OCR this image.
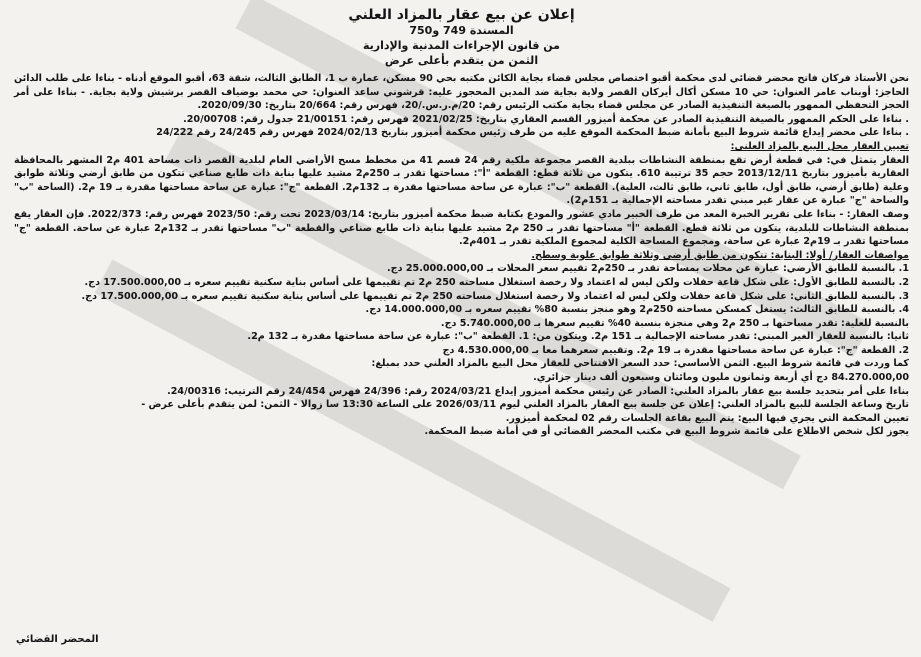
إعلان عن بيع عقار بالمزاد العلني
المسندة 749 و750
من قانون الإجراءات المدنية والإدارية
الثمن من يتقدم بأعلى عرض

نحن الأستاذ فركان فاتح محضر قضائي لدى محكمة أقبو اختصاص مجلس قضاء بجاية الكائن مكتبه بحي 90 مسكن، عمارة ب 1، الطابق الثالث، شقة 63، أقبو الموقع أدناه - بناءا على طلب الدائن الحاجز: أوبناب عامر العنوان: حي 10 مسكن أكال أيركان القصر ولاية بجاية ضد المدين المحجوز عليه: قرشوني ساعد العنوان: حي محمد بوضياف القصر برشيش ولاية بجاية. - بناءا على أمر الحجز التحفظي الممهور بالصيغة التنفيذية الصادر عن مجلس قضاء بجاية مكتب الرئيس رقم: 20/م.ر.س./20، فهرس رقم: 20/664 بتاريخ: 2020/09/30.

. بناءا على الحكم الممهور بالصيغة التنفيذية الصادر عن محكمة أميزور القسم العقاري بتاريخ: 2021/02/25 فهرس رقم: 21/00151 جدول رقم: 20/00708.

. بناءا على محضر إيداع قائمة شروط البيع بأمانة ضبط المحكمة الموقع عليه من طرف رئيس محكمة أميزور بتاريخ 2024/02/13 فهرس رقم 24/245 رقم 24/222

تعيين العقار محل البيع بالمزاد العلني:

العقار يتمثل في: في قطعة أرض تقع بمنطقة النشاطات ببلدية القصر مجموعة ملكية رقم 24 قسم 41 من مخطط مسح الأراضي العام لبلدية القصر ذات مساحة 401 م2 المشهر بالمحافظة العقارية بأميزور بتاريخ 2013/12/11 حجم 35 ترتيبة 610. يتكون من ثلاثة قطع: القطعة "أ": مساحتها تقدر بـ 250م2 مشيد عليها بناية ذات طابع صناعي تتكون من طابق أرضي وثلاثة طوابق وعلية (طابق أرضي، طابق أول، طابق ثاني، طابق ثالث، العلية). القطعة "ب": عبارة عن ساحة مساحتها مقدرة بـ 132م2. القطعة "ج": عبارة عن ساحة مساحتها مقدرة بـ 19 م2. (الساحة "ب" والساحة "ج" عبارة عن عقار غير مبني تقدر مساحته الإجمالية بـ 151م2).

وصف العقار: - بناءا على تقرير الخبرة المعد من طرف الخبير مادي عشور والمودع بكتابة ضبط محكمة أميزور بتاريخ: 2023/03/14 تحت رقم: 2023/50 فهرس رقم: 2022/373. فإن العقار يقع بمنطقة النشاطات للبلدية، يتكون من ثلاثة قطع. القطعة "أ" مساحتها تقدر بـ 250 م2 مشيد عليها بناية ذات طابع صناعي والقطعة "ب" مساحتها تقدر بـ 132م2 عبارة عن ساحة. القطعة "ج" مساحتها تقدر بـ 19م2 عبارة عن ساحة، ومجموع المساحة الكلية لمجموع الملكية تقدر بـ 401م2.

مواصفات العقار/ أولا: البناية: تتكون من طابق أرضي وثلاثة طوابق علوية وسطح.

1. بالنسبة للطابق الأرضي: عبارة عن محلات بمساحة تقدر بـ 250م2 تقييم سعر المحلات بـ 25.000.000,00 دج.

2. بالنسبة للطابق الأول: على شكل قاعة حفلات ولكن ليس له اعتماد ولا رخصة استغلال مساحته 250 م2 تم تقييمها على أساس بناية سكنية تقييم سعره بـ 17.500.000,00 دج.

3. بالنسبة للطابق الثاني: على شكل قاعة حفلات ولكن ليس له اعتماد ولا رخصة استغلال مساحته 250 م2 تم تقييمها على أساس بناية سكنية تقييم سعره بـ 17.500.000,00 دج.

4. بالنسبة للطابق الثالث: يستغل كمسكن مساحته 250م2 وهو منجز بنسبة 80% تقييم سعره بـ 14.000.000,00 دج.

بالنسبة للعلية: تقدر مساحتها بـ 250 م2 وهي منجزة بنسبة 40% تقييم سعرها بـ 5.740.000,00 دج.

ثانيا: بالنسبة للعقار الغير المبني: تقدر مساحته الإجمالية بـ 151 م2. ويتكون من: 1. القطعة "ب": عبارة عن ساحة مساحتها مقدرة بـ 132 م2.

2. القطعة "ج": عبارة عن ساحة مساحتها مقدرة بـ 19 م2. وتقييم سعرهما معا بـ 4.530.000,00 دج

كما وردت في قائمة شروط البيع. الثمن الأساسي: حدد السعر الافتتاحي للعقار محل البيع بالمزاد العلني حدد بمبلغ:

84.270.000,00 دج أي أربعة وثمانون مليون ومائتان وسبعون ألف دينار جزائري.

بناءا على أمر بتحديد جلسة بيع عقار بالمزاد العلني: الصادر عن رئيس محكمة أميزور إيداع 2024/03/21 رقم: 24/396 فهرس 24/454 رقم الترتيب: 24/00316.

تاريخ وساعة الجلسة للبيع بالمزاد العلني: إعلان عن جلسة بيع العقار بالمزاد العلني ليوم 2026/03/11 على الساعة 13:30 سا زوالا - الثمن: لمن يتقدم بأعلى عرض -

تعيين المحكمة التي يجري فيها البيع: يتم البيع بقاعة الجلسات رقم 02 لمحكمة أميزور.

يجوز لكل شخص الاطلاع على قائمة شروط البيع في مكتب المحضر القضائي أو في أمانة ضبط المحكمة.

المحضر القضائي
